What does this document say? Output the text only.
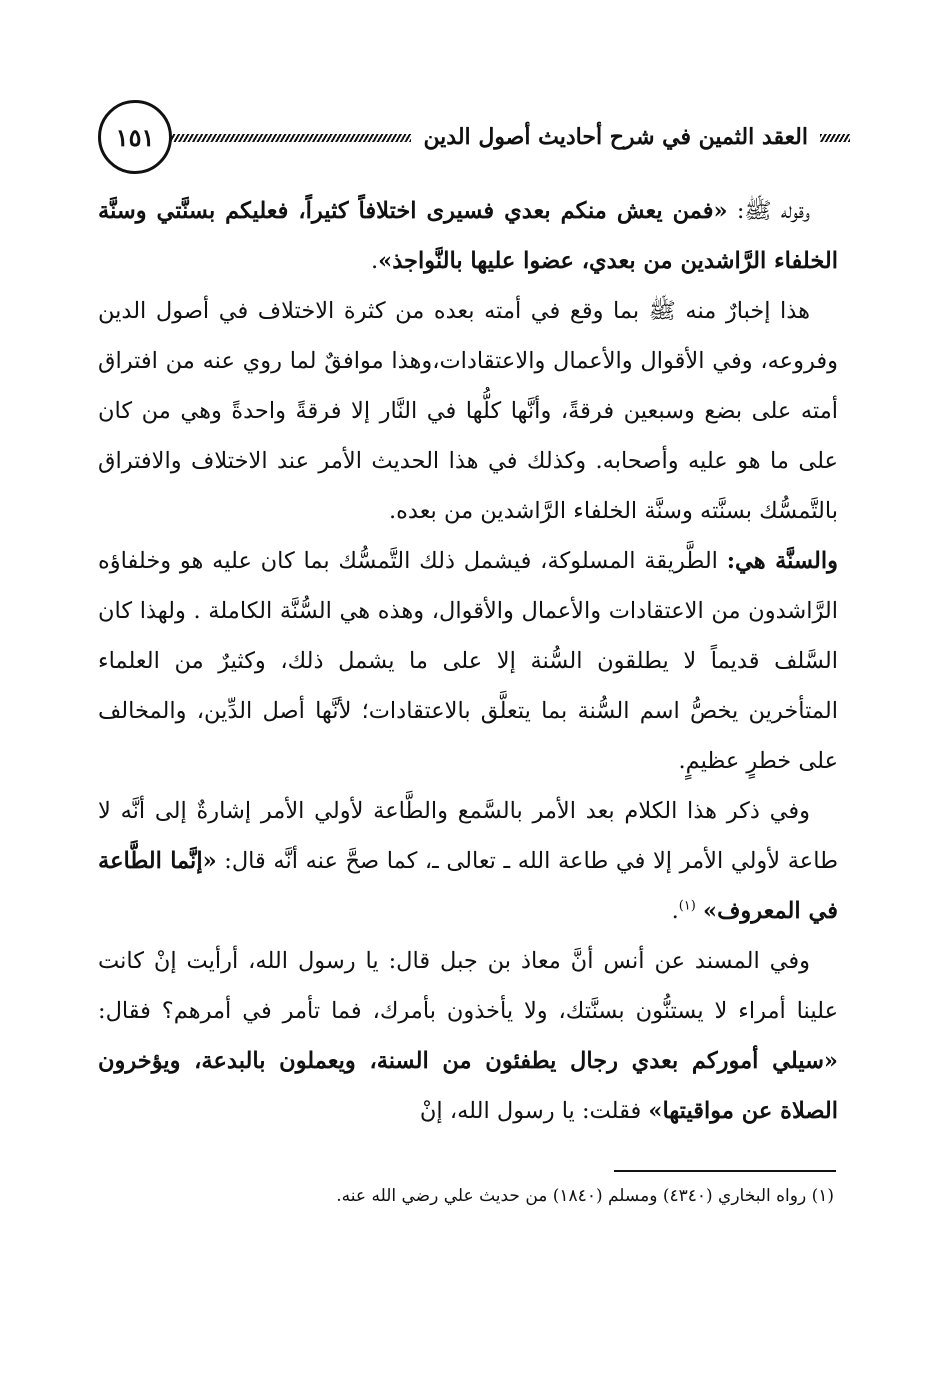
العقد الثمين في شرح أحاديث أصول الدين
١٥١

وقوله ﷺ: «فمن يعش منكم بعدي فسيرى اختلافاً كثيراً، فعليكم بسنَّتي وسنَّة الخلفاء الرَّاشدين من بعدي، عضوا عليها بالنَّواجذ».

هذا إخبارٌ منه ﷺ بما وقع في أمته بعده من كثرة الاختلاف في أصول الدين وفروعه، وفي الأقوال والأعمال والاعتقادات،وهذا موافقٌ لما روي عنه من افتراق أمته على بضع وسبعين فرقةً، وأنَّها كلُّها في النَّار إلا فرقةً واحدةً وهي من كان على ما هو عليه وأصحابه. وكذلك في هذا الحديث الأمر عند الاختلاف والافتراق بالتَّمسُّك بسنَّته وسنَّة الخلفاء الرَّاشدين من بعده.

والسنَّة هي: الطَّريقة المسلوكة، فيشمل ذلك التَّمسُّك بما كان عليه هو وخلفاؤه الرَّاشدون من الاعتقادات والأعمال والأقوال، وهذه هي السُّنَّة الكاملة . ولهذا كان السَّلف قديماً لا يطلقون السُّنة إلا على ما يشمل ذلك، وكثيرٌ من العلماء المتأخرين يخصُّ اسم السُّنة بما يتعلَّق بالاعتقادات؛ لأنَّها أصل الدِّين، والمخالف على خطرٍ عظيمٍ.

وفي ذكر هذا الكلام بعد الأمر بالسَّمع والطَّاعة لأولي الأمر إشارةٌ إلى أنَّه لا طاعة لأولي الأمر إلا في طاعة الله ـ تعالى ـ، كما صحَّ عنه أنَّه قال: «إنَّما الطَّاعة في المعروف» $^{(١)}$.

وفي المسند عن أنس أنَّ معاذ بن جبل قال: يا رسول الله، أرأيت إنْ كانت علينا أمراء لا يستنُّون بسنَّتك، ولا يأخذون بأمرك، فما تأمر في أمرهم؟ فقال: «سيلي أموركم بعدي رجال يطفئون من السنة، ويعملون بالبدعة، ويؤخرون الصلاة عن مواقيتها» فقلت: يا رسول الله، إنْ

(١) رواه البخاري (٤٣٤٠) ومسلم (١٨٤٠) من حديث علي رضي الله عنه.
